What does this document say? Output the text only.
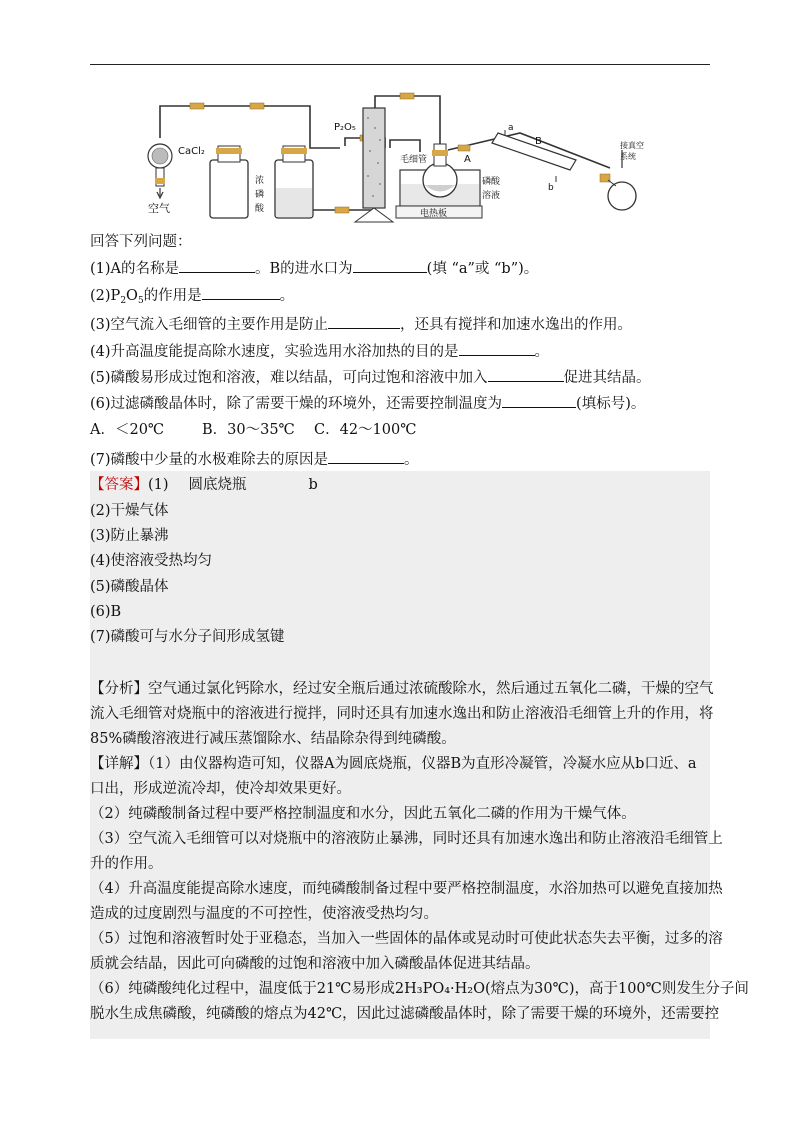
CaCl₂
空气
浓
磷
酸
P₂O₅
电热板
毛细管	A
磷酸
溶液
a
b
B	接真空
系统
回答下列问题：
(1)A的名称是	。B的进水口为	(填 “a”或 “b”)。
$(2)P_2O_5$的作用是	。
(3)空气流入毛细管的主要作用是防止	，还具有搅拌和加速水逸出的作用。
(4)升高温度能提高除水速度，实验选用水浴加热的目的是	。
(5)磷酸易形成过饱和溶液，难以结晶，可向过饱和溶液中加入	促进其结晶。
(6)过滤磷酸晶体时，除了需要干燥的环境外，还需要控制温度为	(填标号)。
A．＜20℃	B．30～35℃ C．42～100℃
(7)磷酸中少量的水极难除去的原因是	。
【答案】(1) 圆底烧瓶	b
(2)干燥气体
(3)防止暴沸
(4)使溶液受热均匀
(5)磷酸晶体
(6)B
(7)磷酸可与水分子间形成氢键
【分析】空气通过氯化钙除水，经过安全瓶后通过浓硫酸除水，然后通过五氧化二磷，干燥的空气
流入毛细管对烧瓶中的溶液进行搅拌，同时还具有加速水逸出和防止溶液沿毛细管上升的作用，将
85%磷酸溶液进行减压蒸馏除水、结晶除杂得到纯磷酸。
【详解】（1）由仪器构造可知，仪器A为圆底烧瓶，仪器B为直形冷凝管，冷凝水应从b口近、a
口出，形成逆流冷却，使冷却效果更好。
（2）纯磷酸制备过程中要严格控制温度和水分，因此五氧化二磷的作用为干燥气体。
（3）空气流入毛细管可以对烧瓶中的溶液防止暴沸，同时还具有加速水逸出和防止溶液沿毛细管上
升的作用。
（4）升高温度能提高除水速度，而纯磷酸制备过程中要严格控制温度，水浴加热可以避免直接加热
造成的过度剧烈与温度的不可控性，使溶液受热均匀。
（5）过饱和溶液暂时处于亚稳态，当加入一些固体的晶体或晃动时可使此状态失去平衡，过多的溶
质就会结晶，因此可向磷酸的过饱和溶液中加入磷酸晶体促进其结晶。
（6）纯磷酸纯化过程中，温度低于21℃易形成2H₃PO₄·H₂O(熔点为30℃)，高于100℃则发生分子间
脱水生成焦磷酸，纯磷酸的熔点为42℃，因此过滤磷酸晶体时，除了需要干燥的环境外，还需要控
